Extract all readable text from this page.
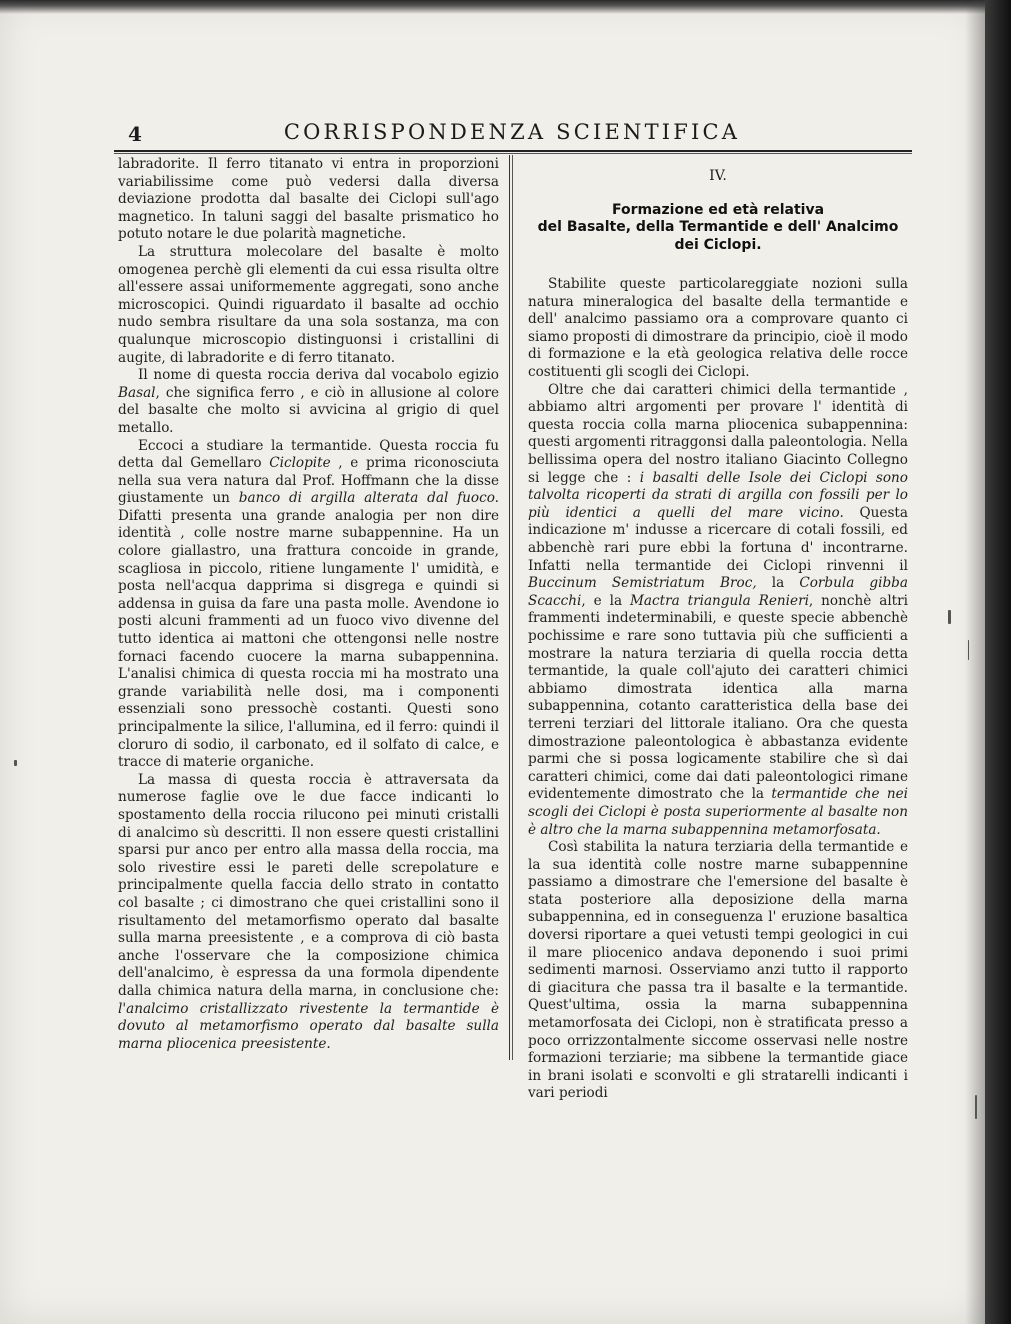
4	CORRISPONDENZA SCIENTIFICA

labradorite. Il ferro titanato vi entra in proporzioni variabilissime come può vedersi dalla diversa deviazione prodotta dal basalte dei Ciclopi sull'ago magnetico. In taluni saggi del basalte prismatico ho potuto notare le due polarità magnetiche.

La struttura molecolare del basalte è molto omogenea perchè gli elementi da cui essa risulta oltre all'essere assai uniformemente aggregati, sono anche microscopici. Quindi riguardato il basalte ad occhio nudo sembra risultare da una sola sostanza, ma con qualunque microscopio distinguonsi i cristallini di augite, di labradorite e di ferro titanato.

Il nome di questa roccia deriva dal vocabolo egizio Basal, che significa ferro , e ciò in allusione al colore del basalte che molto si avvicina al grigio di quel metallo.

Eccoci a studiare la termantide. Questa roccia fu detta dal Gemellaro Ciclopite , e prima riconosciuta nella sua vera natura dal Prof. Hoffmann che la disse giustamente un banco di argilla alterata dal fuoco. Difatti presenta una grande analogia per non dire identità , colle nostre marne subappennine. Ha un colore giallastro, una frattura concoide in grande, scagliosa in piccolo, ritiene lungamente l' umidità, e posta nell'acqua dapprima si disgrega e quindi si addensa in guisa da fare una pasta molle. Avendone io posti alcuni frammenti ad un fuoco vivo divenne del tutto identica ai mattoni che ottengonsi nelle nostre fornaci facendo cuocere la marna subappennina. L'analisi chimica di questa roccia mi ha mostrato una grande variabilità nelle dosi, ma i componenti essenziali sono pressochè costanti. Questi sono principalmente la silice, l'allumina, ed il ferro: quindi il cloruro di sodio, il carbonato, ed il solfato di calce, e tracce di materie organiche.

La massa di questa roccia è attraversata da numerose faglie ove le due facce indicanti lo spostamento della roccia rilucono pei minuti cristalli di analcimo sù descritti. Il non essere questi cristallini sparsi pur anco per entro alla massa della roccia, ma solo rivestire essi le pareti delle screpolature e principalmente quella faccia dello strato in contatto col basalte ; ci dimostrano che quei cristallini sono il risultamento del metamorfismo operato dal basalte sulla marna preesistente , e a comprova di ciò basta anche l'osservare che la composizione chimica dell'analcimo, è espressa da una formola dipendente dalla chimica natura della marna, in conclusione che: l'analcimo cristallizzato rivestente la termantide è dovuto al metamorfismo operato dal basalte sulla marna pliocenica preesistente.

IV.
Formazione ed età relativa
del Basalte, della Termantide e dell' Analcimo
dei Ciclopi.

Stabilite queste particolareggiate nozioni sulla natura mineralogica del basalte della termantide e dell' analcimo passiamo ora a comprovare quanto ci siamo proposti di dimostrare da principio, cioè il modo di formazione e la età geologica relativa delle rocce costituenti gli scogli dei Ciclopi.

Oltre che dai caratteri chimici della termantide , abbiamo altri argomenti per provare l' identità di questa roccia colla marna pliocenica subappennina: questi argomenti ritraggonsi dalla paleontologia. Nella bellissima opera del nostro italiano Giacinto Collegno si legge che : i basalti delle Isole dei Ciclopi sono talvolta ricoperti da strati di argilla con fossili per lo più identici a quelli del mare vicino. Questa indicazione m' indusse a ricercare di cotali fossili, ed abbenchè rari pure ebbi la fortuna d' incontrarne. Infatti nella termantide dei Ciclopi rinvenni il Buccinum Semistriatum Broc, la Corbula gibba Scacchi, e la Mactra triangula Renieri, nonchè altri frammenti indeterminabili, e queste specie abbenchè pochissime e rare sono tuttavia più che sufficienti a mostrare la natura terziaria di quella roccia detta termantide, la quale coll'ajuto dei caratteri chimici abbiamo dimostrata identica alla marna subappennina, cotanto caratteristica della base dei terreni terziari del littorale italiano. Ora che questa dimostrazione paleontologica è abbastanza evidente parmi che si possa logicamente stabilire che sì dai caratteri chimici, come dai dati paleontologici rimane evidentemente dimostrato che la termantide che nei scogli dei Ciclopi è posta superiormente al basalte non è altro che la marna subappennina metamorfosata.

Così stabilita la natura terziaria della termantide e la sua identità colle nostre marne subappennine passiamo a dimostrare che l'emersione del basalte è stata posteriore alla deposizione della marna subappennina, ed in conseguenza l' eruzione basaltica doversi riportare a quei vetusti tempi geologici in cui il mare pliocenico andava deponendo i suoi primi sedimenti marnosi. Osserviamo anzi tutto il rapporto di giacitura che passa tra il basalte e la termantide. Quest'ultima, ossia la marna subappennina metamorfosata dei Ciclopi, non è stratificata presso a poco orrizzontalmente siccome osservasi nelle nostre formazioni terziarie; ma sibbene la termantide giace in brani isolati e sconvolti e gli stratarelli indicanti i vari periodi
